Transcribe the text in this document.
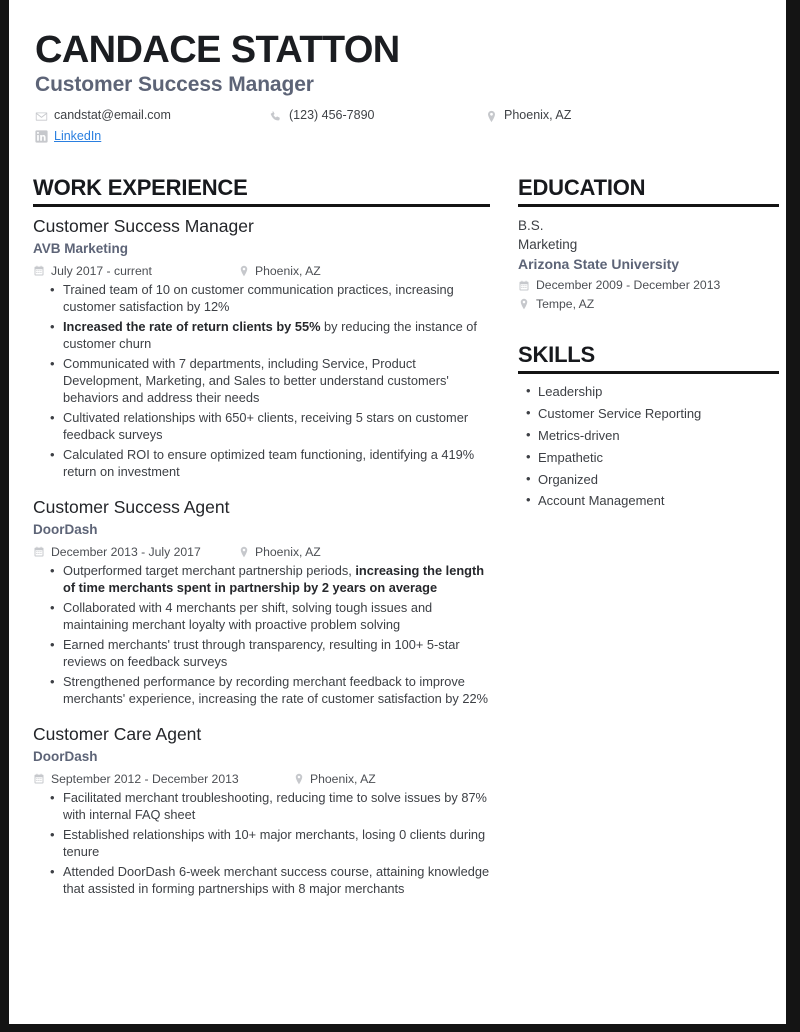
CANDACE STATTON
Customer Success Manager
candstat@email.com	(123) 456-7890	Phoenix, AZ
LinkedIn
WORK EXPERIENCE
Customer Success Manager
AVB Marketing
July 2017 - current	Phoenix, AZ
• Trained team of 10 on customer communication practices, increasing customer satisfaction by 12%
• Increased the rate of return clients by 55% by reducing the instance of customer churn
• Communicated with 7 departments, including Service, Product Development, Marketing, and Sales to better understand customers' behaviors and address their needs
• Cultivated relationships with 650+ clients, receiving 5 stars on customer feedback surveys
• Calculated ROI to ensure optimized team functioning, identifying a 419% return on investment
Customer Success Agent
DoorDash
December 2013 - July 2017	Phoenix, AZ
• Outperformed target merchant partnership periods, increasing the length of time merchants spent in partnership by 2 years on average
• Collaborated with 4 merchants per shift, solving tough issues and maintaining merchant loyalty with proactive problem solving
• Earned merchants' trust through transparency, resulting in 100+ 5-star reviews on feedback surveys
• Strengthened performance by recording merchant feedback to improve merchants' experience, increasing the rate of customer satisfaction by 22%
Customer Care Agent
DoorDash
September 2012 - December 2013	Phoenix, AZ
• Facilitated merchant troubleshooting, reducing time to solve issues by 87% with internal FAQ sheet
• Established relationships with 10+ major merchants, losing 0 clients during tenure
• Attended DoorDash 6-week merchant success course, attaining knowledge that assisted in forming partnerships with 8 major merchants
EDUCATION
B.S.
Marketing
Arizona State University
December 2009 - December 2013
Tempe, AZ
SKILLS
• Leadership
• Customer Service Reporting
• Metrics-driven
• Empathetic
• Organized
• Account Management
